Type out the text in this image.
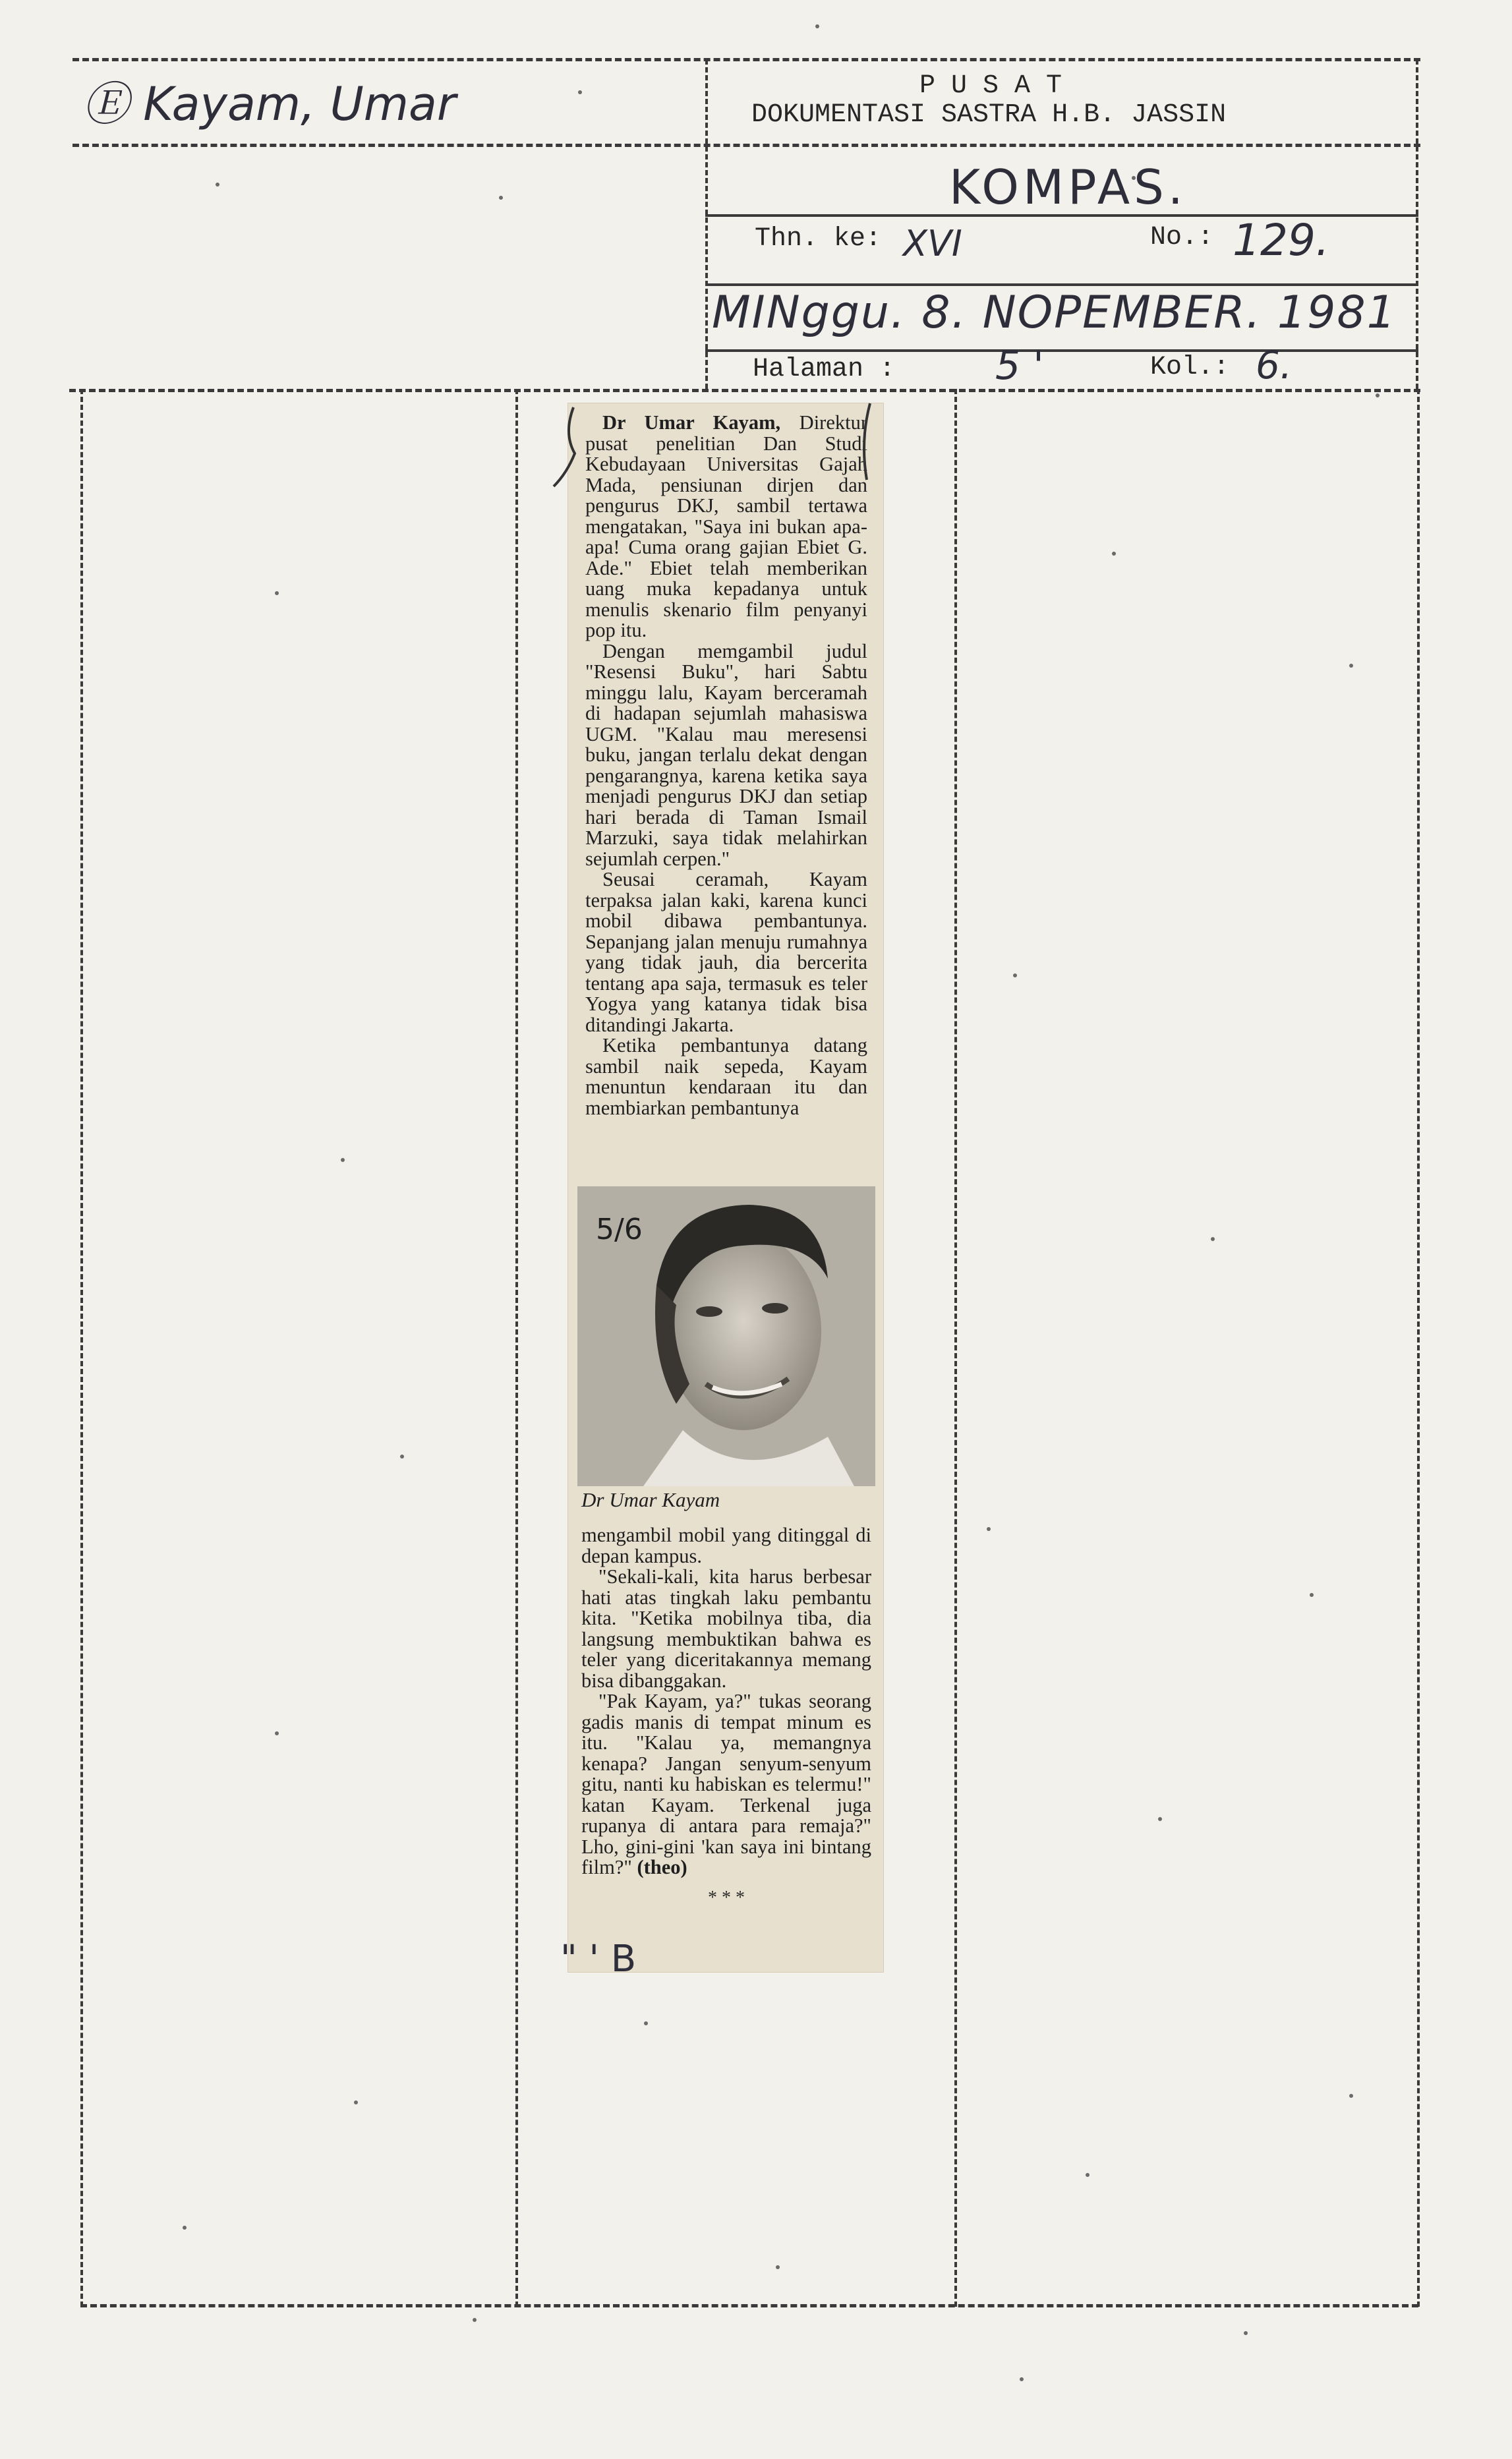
Ⓔ Kayam, Umar	P U S A T
DOKUMENTASI SASTRA H.B. JASSIN
KOMPAS.
Thn. ke: XVI	No.: 129.
MINggu. 8. NOPEMBER. 1981
Halaman :	5 '	Kol.: 6.

Dr Umar Kayam, Direktur pusat penelitian Dan Studi Kebudayaan Universitas Gajah Mada, pensiunan dirjen dan pengurus DKJ, sambil tertawa mengatakan, "Saya ini bukan apa-apa! Cuma orang gajian Ebiet G. Ade." Ebiet telah memberikan uang muka kepadanya untuk menulis skenario film penyanyi pop itu.

Dengan memgambil judul "Resensi Buku", hari Sabtu minggu lalu, Kayam berceramah di hadapan sejumlah mahasiswa UGM. "Kalau mau meresensi buku, jangan terlalu dekat dengan pengarangnya, karena ketika saya menjadi pengurus DKJ dan setiap hari berada di Taman Ismail Marzuki, saya tidak melahirkan sejumlah cerpen."

Seusai ceramah, Kayam terpaksa jalan kaki, karena kunci mobil dibawa pembantunya. Sepanjang jalan menuju rumahnya yang tidak jauh, dia bercerita tentang apa saja, termasuk es teler Yogya yang katanya tidak bisa ditandingi Jakarta.

Ketika pembantunya datang sambil naik sepeda, Kayam menuntun kendaraan itu dan membiarkan pembantunya

mengambil mobil yang ditinggal di depan kampus.

"Sekali-kali, kita harus berbesar hati atas tingkah laku pembantu kita. "Ketika mobilnya tiba, dia langsung membuktikan bahwa es teler yang diceritakannya memang bisa dibanggakan.

"Pak Kayam, ya?" tukas seorang gadis manis di tempat minum es itu. "Kalau ya, memangnya kenapa? Jangan senyum-senyum gitu, nanti ku habiskan es telermu!" katan Kayam. Terkenal juga rupanya di antara para remaja?" Lho, gini-gini 'kan saya ini bintang film?" (theo)

* * *
5/6
Dr Umar Kayam
" ' B
